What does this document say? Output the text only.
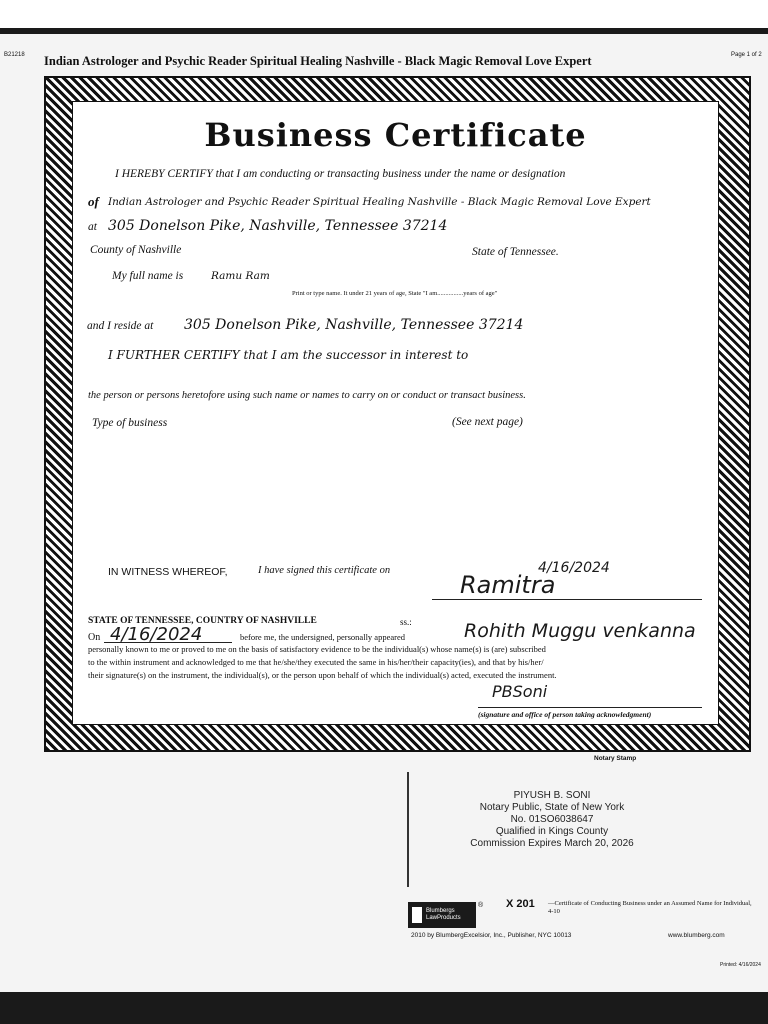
B21218	Page 1 of 2
Indian Astrologer and Psychic Reader Spiritual Healing Nashville - Black Magic Removal Love Expert
Business Certificate
I HEREBY CERTIFY that I am conducting or transacting business under the name or designation
of Indian Astrologer and Psychic Reader Spiritual Healing Nashville - Black Magic Removal Love Expert
at 305 Donelson Pike, Nashville, Tennessee 37214
County of Nashville	State of Tennessee.
My full name is	Ramu Ram
Print or type name. It under 21 years of age, State "I am................years of age"
and I reside at 305 Donelson Pike, Nashville, Tennessee 37214
I FURTHER CERTIFY that I am the successor in interest to
the person or persons heretofore using such name or names to carry on or conduct or transact business.
Type of business	(See next page)
IN WITNESS WHEREOF,	I have signed this certificate on	4/16/2024
Ramitra
STATE OF TENNESSEE, COUNTRY OF NASHVILLE	ss.:
On 4/16/2024	before me, the undersigned, personally appeared	Rohith Muggu venkanna
personally known to me or proved to me on the basis of satisfactory evidence to be the individual(s) whose name(s) is (are) subscribed
to the within instrument and acknowledged to me that he/she/they executed the same in his/her/their capacity(ies), and that by his/her/
their signature(s) on the instrument, the individual(s), or the person upon behalf of which the individual(s) acted, executed the instrument.
PBSoni
(signature and office of person taking acknowledgment)
Notary Stamp
PIYUSH B. SONI
Notary Public, State of New York
No. 01SO6038647
Qualified in Kings County
Commission Expires March 20, 2026
Blumbergs
LawProducts
® X 201 —Certificate of Conducting Business under an Assumed Name for Individual, 4-10
2010 by BlumbergExcelsior, Inc., Publisher, NYC 10013	www.blumberg.com
Printed: 4/16/2024
